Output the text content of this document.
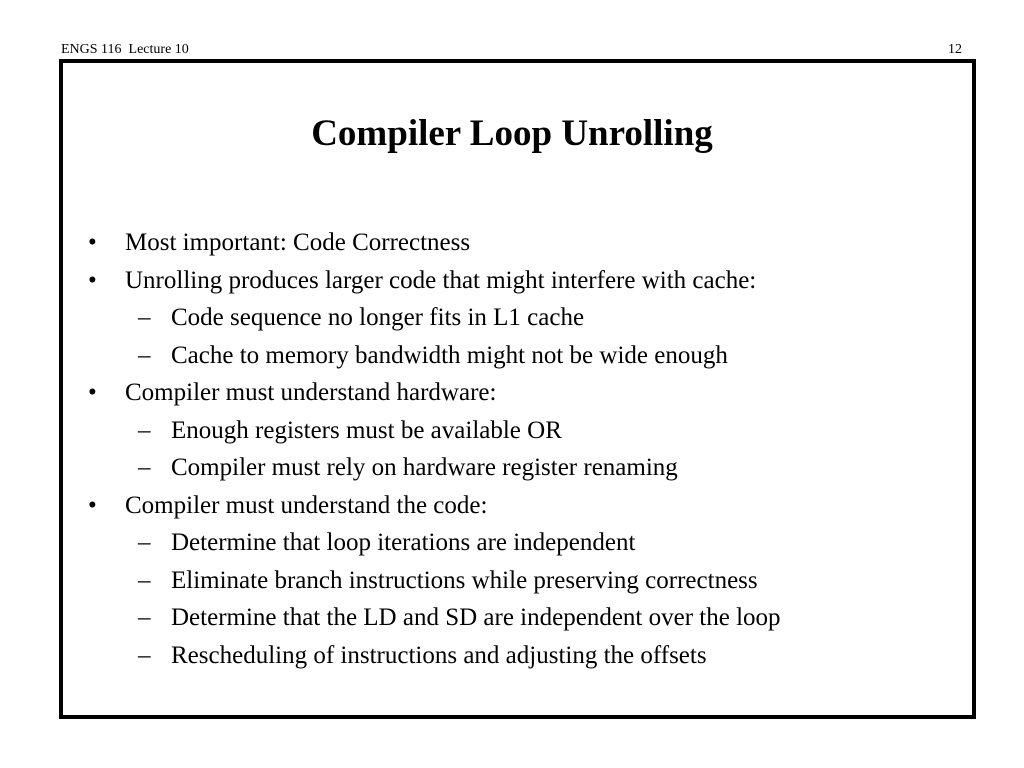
ENGS 116  Lecture 10	12
Compiler Loop Unrolling
• Most important: Code Correctness
• Unrolling produces larger code that might interfere with cache:
– Code sequence no longer fits in L1 cache
– Cache to memory bandwidth might not be wide enough
• Compiler must understand hardware:
– Enough registers must be available OR
– Compiler must rely on hardware register renaming
• Compiler must understand the code:
– Determine that loop iterations are independent
– Eliminate branch instructions while preserving correctness
– Determine that the LD and SD are independent over the loop
– Rescheduling of instructions and adjusting the offsets
